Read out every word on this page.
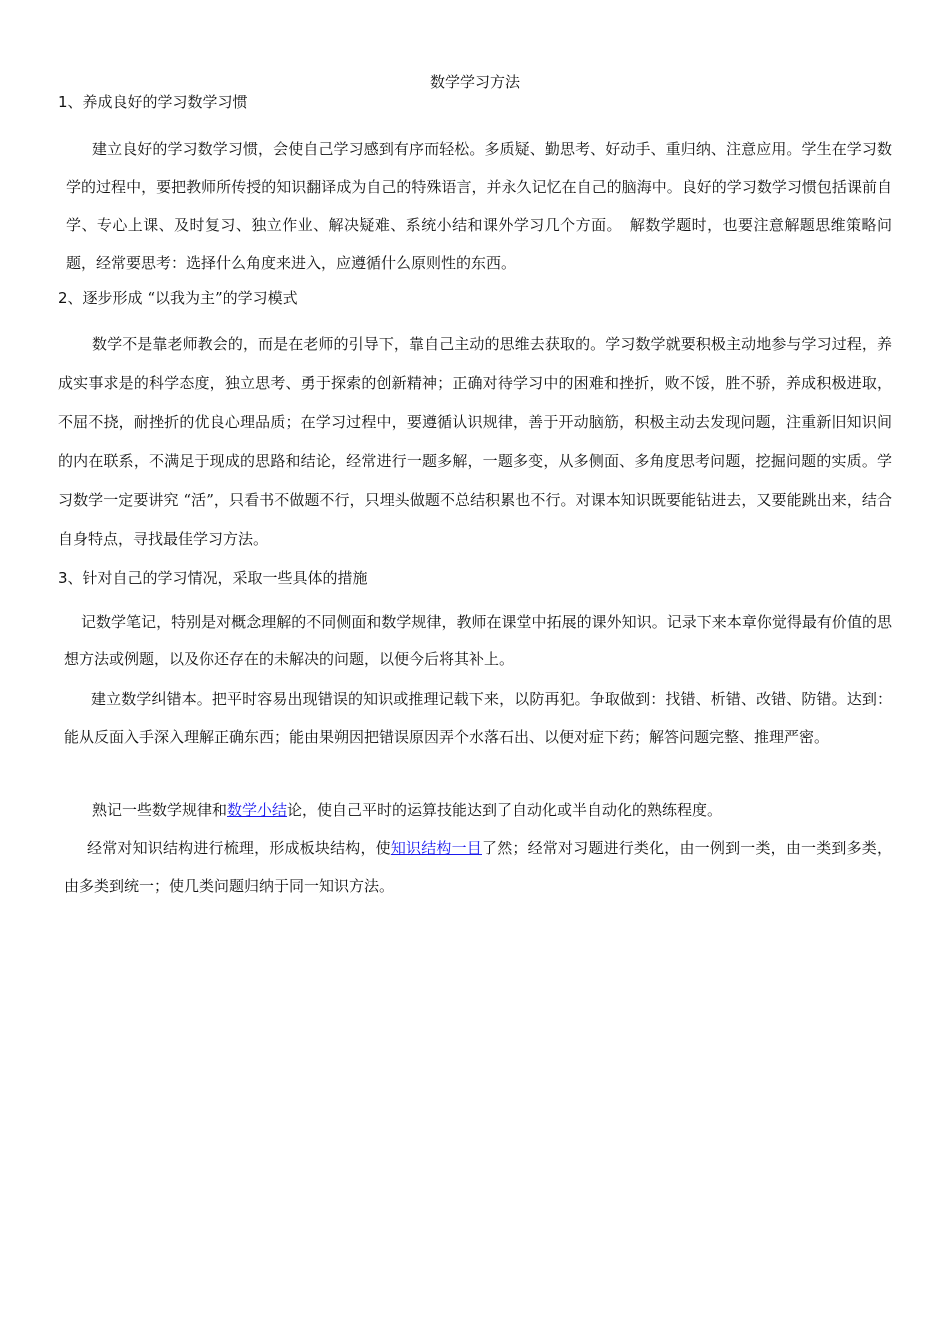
数学学习方法
1、养成良好的学习数学习惯
建立良好的学习数学习惯，会使自己学习感到有序而轻松。多质疑、勤思考、好动手、重归纳、注意应用。学生在学习数学的过程中，要把教师所传授的知识翻译成为自己的特殊语言，并永久记忆在自己的脑海中。良好的学习数学习惯包括课前自学、专心上课、及时复习、独立作业、解决疑难、系统小结和课外学习几个方面。　解数学题时，也要注意解题思维策略问题，经常要思考：选择什么角度来进入，应遵循什么原则性的东西。
2、逐步形成 “以我为主”的学习模式
数学不是靠老师教会的，而是在老师的引导下，靠自己主动的思维去获取的。学习数学就要积极主动地参与学习过程，养成实事求是的科学态度，独立思考、勇于探索的创新精神；正确对待学习中的困难和挫折，败不馁，胜不骄，养成积极进取，不屈不挠，耐挫折的优良心理品质；在学习过程中，要遵循认识规律，善于开动脑筋，积极主动去发现问题，注重新旧知识间的内在联系，不满足于现成的思路和结论，经常进行一题多解，一题多变，从多侧面、多角度思考问题，挖掘问题的实质。学习数学一定要讲究 “活”，只看书不做题不行，只埋头做题不总结积累也不行。对课本知识既要能钻进去，又要能跳出来，结合自身特点，寻找最佳学习方法。
3、针对自己的学习情况，采取一些具体的措施
记数学笔记，特别是对概念理解的不同侧面和数学规律，教师在课堂中拓展的课外知识。记录下来本章你觉得最有价值的思想方法或例题，以及你还存在的未解决的问题，以便今后将其补上。
建立数学纠错本。把平时容易出现错误的知识或推理记载下来，以防再犯。争取做到：找错、析错、改错、防错。达到：能从反面入手深入理解正确东西；能由果朔因把错误原因弄个水落石出、以便对症下药；解答问题完整、推理严密。
熟记一些数学规律和数学小结论，使自己平时的运算技能达到了自动化或半自动化的熟练程度。
经常对知识结构进行梳理，形成板块结构，使知识结构一目了然；经常对习题进行类化，由一例到一类，由一类到多类，由多类到统一；使几类问题归纳于同一知识方法。
